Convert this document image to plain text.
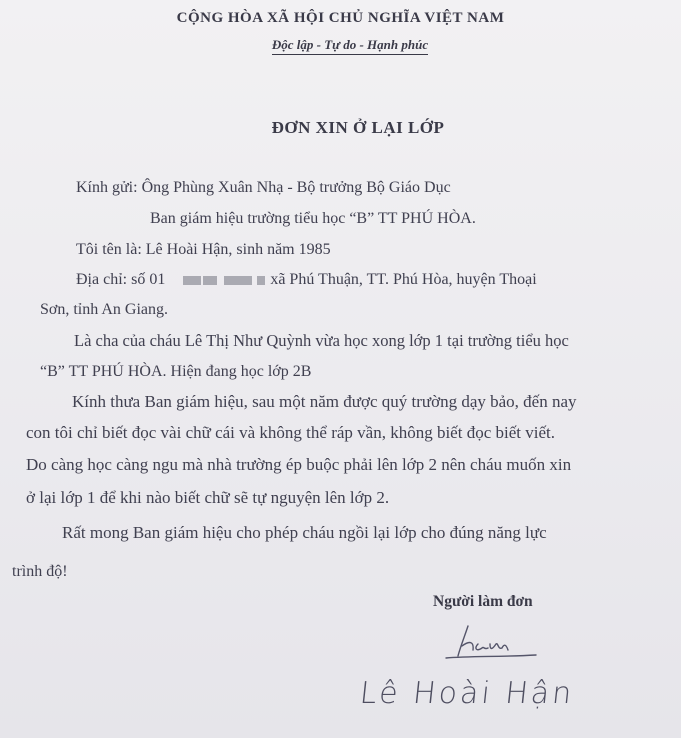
CỘNG HÒA XÃ HỘI CHỦ NGHĨA VIỆT NAM
Độc lập - Tự do - Hạnh phúc
ĐƠN XIN Ở LẠI LỚP
Kính gửi: Ông Phùng Xuân Nhạ - Bộ trưởng Bộ Giáo Dục
Ban giám hiệu trường tiểu học “B” TT PHÚ HÒA.
Tôi tên là: Lê Hoài Hận, sinh năm 1985
Địa chỉ: số 01	xã Phú Thuận, TT. Phú Hòa, huyện Thoại
Sơn, tỉnh An Giang.
Là cha của cháu Lê Thị Như Quỳnh vừa học xong lớp 1 tại trường tiểu học
“B” TT PHÚ HÒA. Hiện đang học lớp 2B
Kính thưa Ban giám hiệu, sau một năm được quý trường dạy bảo, đến nay
con tôi chỉ biết đọc vài chữ cái và không thể ráp vần, không biết đọc biết viết.
Do càng học càng ngu mà nhà trường ép buộc phải lên lớp 2 nên cháu muốn xin
ở lại lớp 1 để khi nào biết chữ sẽ tự nguyện lên lớp 2.
Rất mong Ban giám hiệu cho phép cháu ngồi lại lớp cho đúng năng lực
trình độ!
Người làm đơn
Lê Hoài Hận
